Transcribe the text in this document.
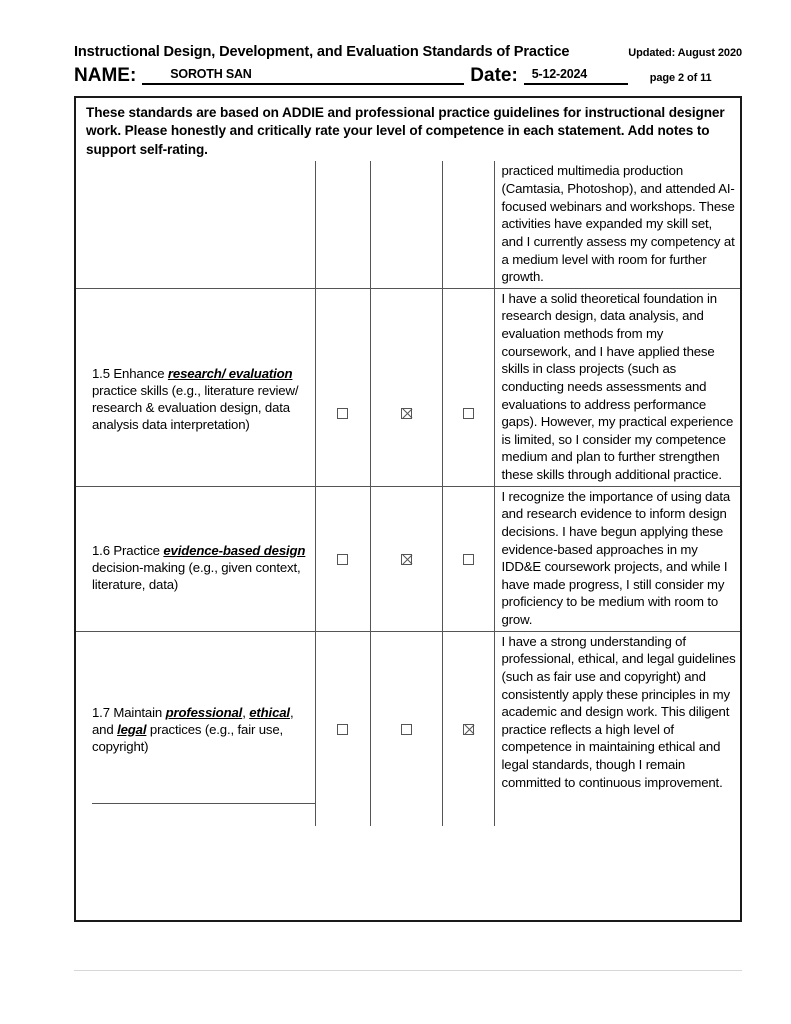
Instructional Design, Development, and Evaluation Standards of Practice	Updated: August 2020
NAME:	SOROTH SAN	Date: 5-12-2024	page 2 of 11
These standards are based on ADDIE and professional practice guidelines for instructional designer work. Please honestly and critically rate your level of competence in each statement. Add notes to support self-rating.

				practiced multimedia production (Camtasia, Photoshop), and attended AI-focused webinars and workshops. These activities have expanded my skill set, and I currently assess my competency at a medium level with room for further growth.

1.5 Enhance research/ evaluation practice skills (e.g., literature review/ research & evaluation design, data analysis data interpretation)				I have a solid theoretical foundation in research design, data analysis, and evaluation methods from my coursework, and I have applied these skills in class projects (such as conducting needs assessments and evaluations to address performance gaps). However, my practical experience is limited, so I consider my competence medium and plan to further strengthen these skills through additional practice.

1.6 Practice evidence-based design decision-making (e.g., given context, literature, data)				I recognize the importance of using data and research evidence to inform design decisions. I have begun applying these evidence-based approaches in my IDD&E coursework projects, and while I have made progress, I still consider my proficiency to be medium with room to grow.

1.7 Maintain professional, ethical, and legal practices (e.g., fair use, copyright)				I have a strong understanding of professional, ethical, and legal guidelines (such as fair use and copyright) and consistently apply these principles in my academic and design work. This diligent practice reflects a high level of competence in maintaining ethical and legal standards, though I remain committed to continuous improvement.
